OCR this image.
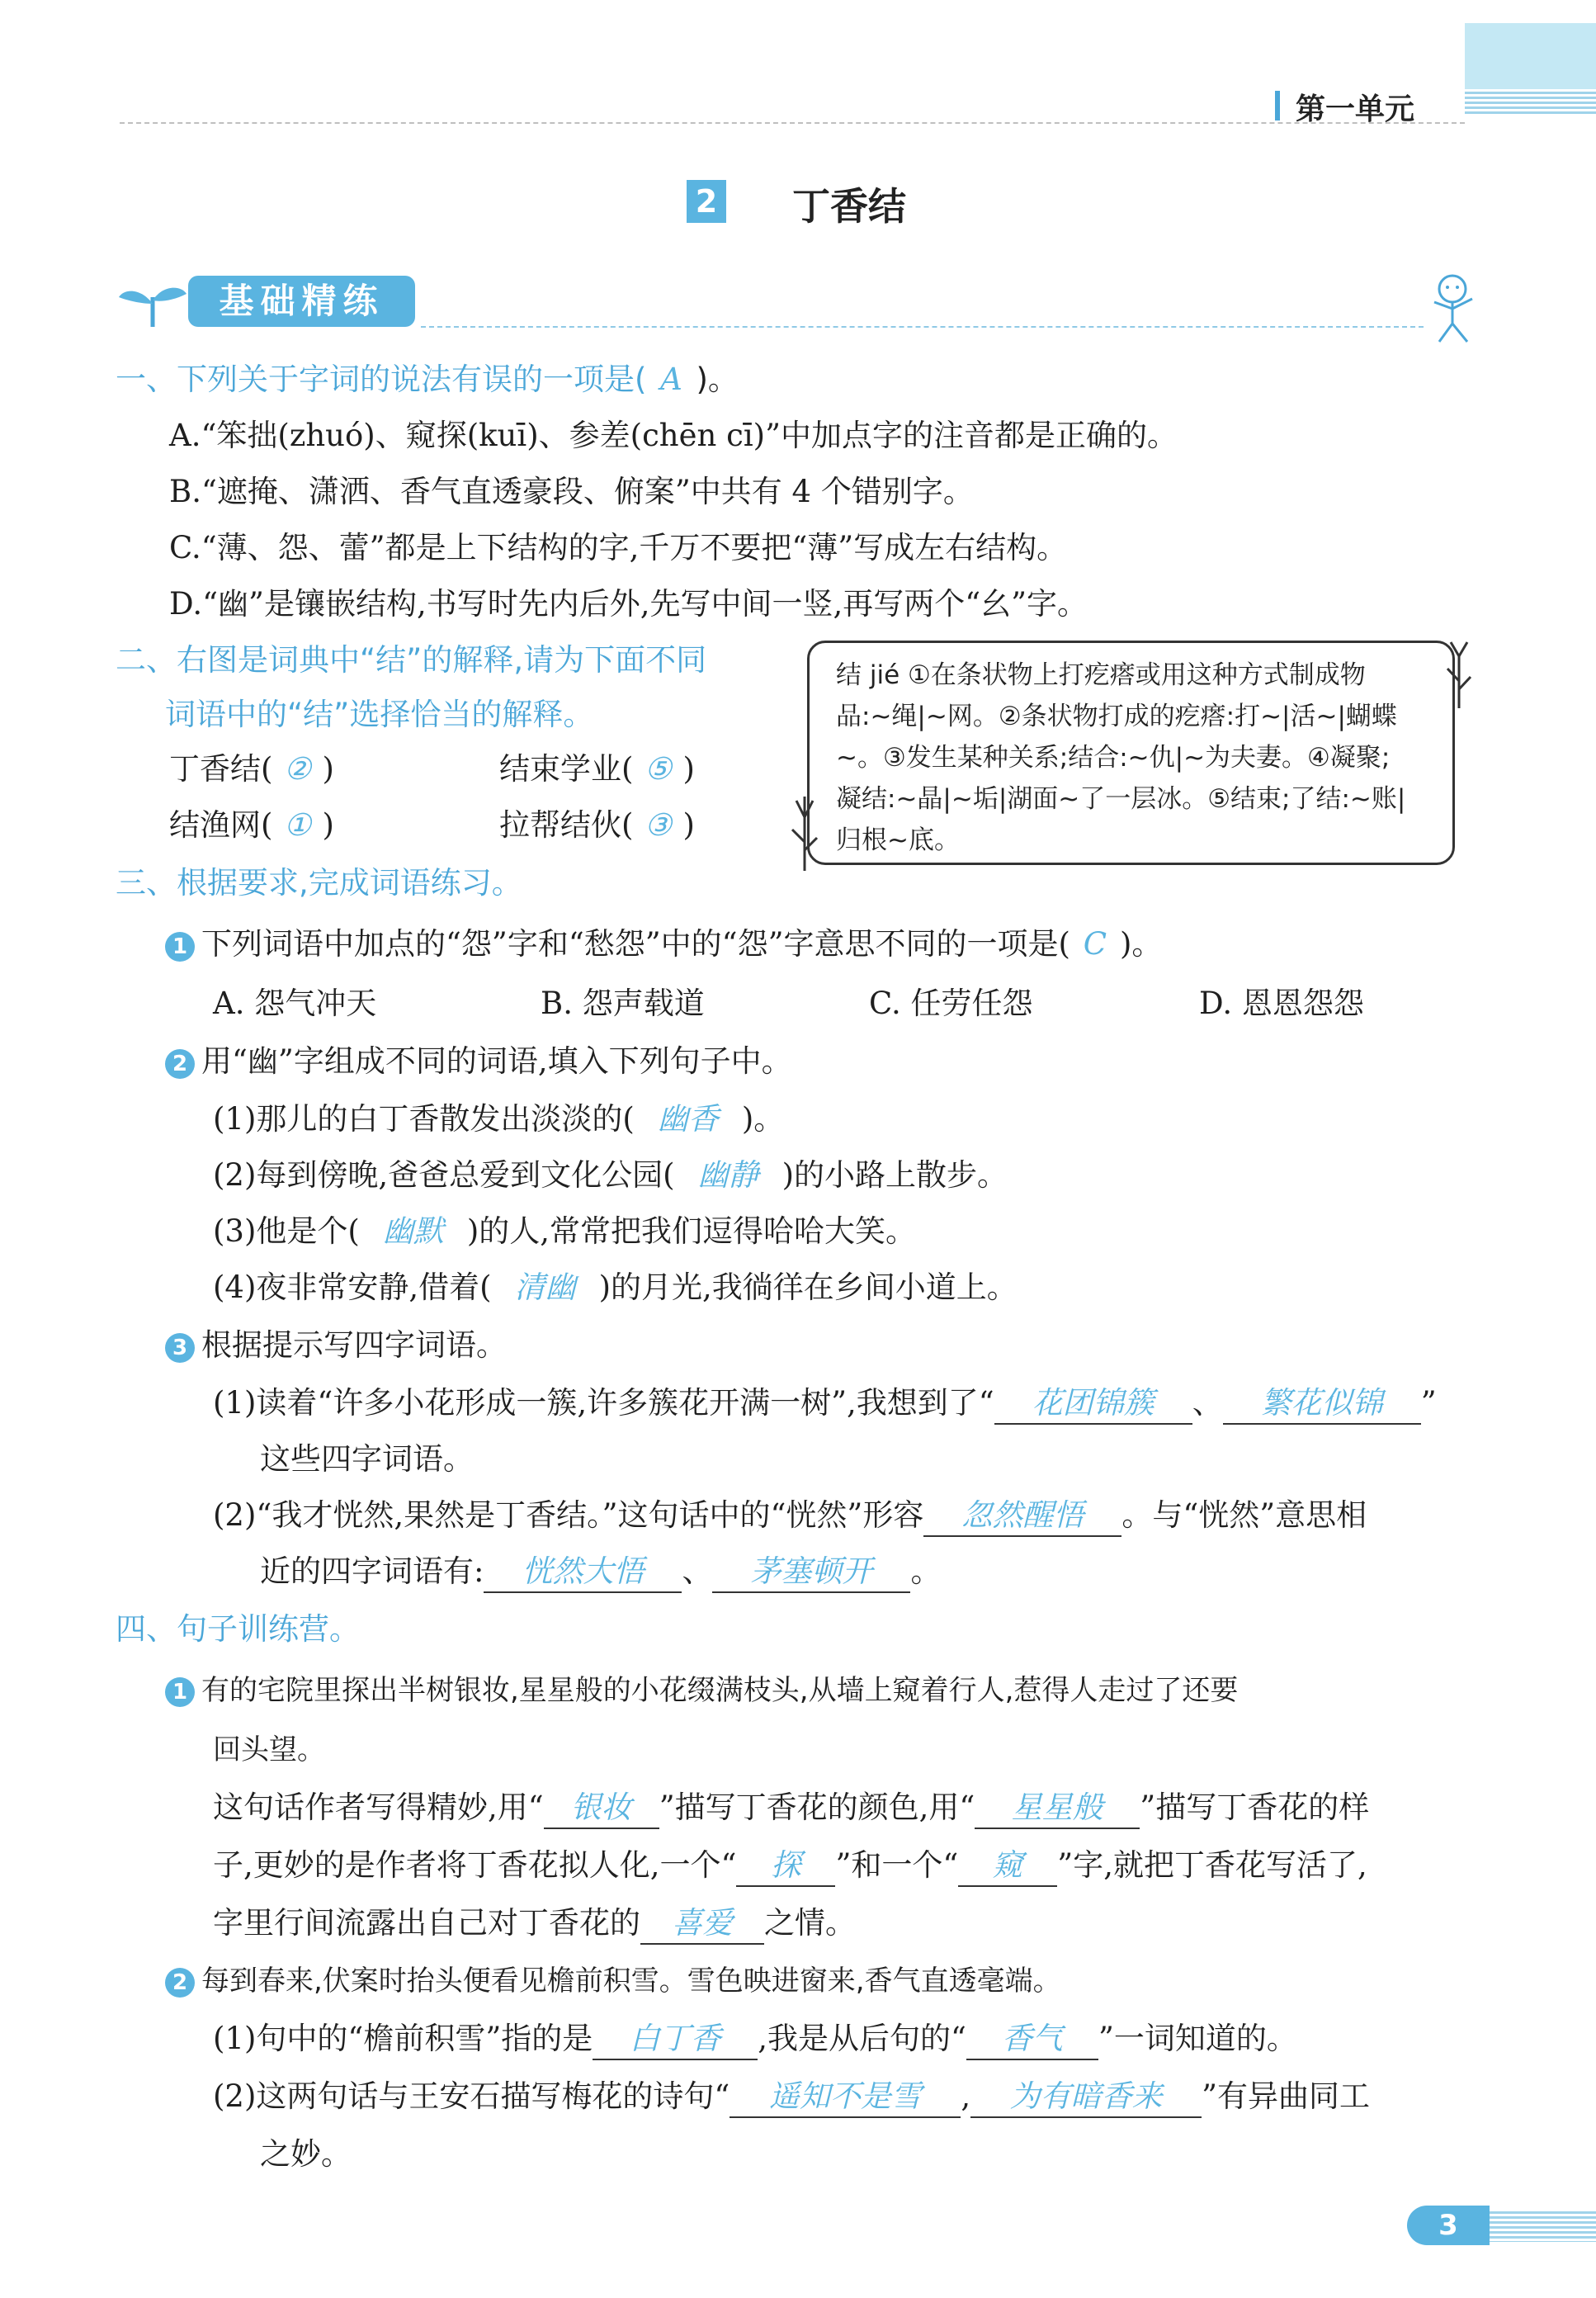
第一单元
2 丁香结
基础精练
一、下列关于字词的说法有误的一项是( A )。
A.“笨拙(zhuó)、窥探(kuī)、参差(chēn cī)”中加点字的注音都是正确的。
B.“遮掩、潇洒、香气直透豪段、俯案”中共有 4 个错别字。
C.“薄、怨、蕾”都是上下结构的字,千万不要把“薄”写成左右结构。
D.“幽”是镶嵌结构,书写时先内后外,先写中间一竖,再写两个“幺”字。
二、右图是词典中“结”的解释,请为下面不同
词语中的“结”选择恰当的解释。
丁香结( ② )	结束学业( ⑤ )
结渔网( ① )	拉帮结伙( ③ )
结 jié ①在条状物上打疙瘩或用这种方式制成物
品:~绳|~网。②条状物打成的疙瘩:打~|活~|蝴蝶
~。③发生某种关系;结合:~仇|~为夫妻。④凝聚;
凝结:~晶|~垢|湖面~了一层冰。⑤结束;了结:~账|
归根~底。
三、根据要求,完成词语练习。
1 下列词语中加点的“怨”字和“愁怨”中的“怨”字意思不同的一项是( C )。
A. 怨气冲天	B. 怨声载道	C. 任劳任怨	D. 恩恩怨怨
2 用“幽”字组成不同的词语,填入下列句子中。
(1)那儿的白丁香散发出淡淡的( 幽香 )。
(2)每到傍晚,爸爸总爱到文化公园( 幽静 )的小路上散步。
(3)他是个( 幽默 )的人,常常把我们逗得哈哈大笑。
(4)夜非常安静,借着( 清幽 )的月光,我徜徉在乡间小道上。
3 根据提示写四字词语。
(1)读着“许多小花形成一簇,许多簇花开满一树”,我想到了“ 花团锦簇 、 繁花似锦 ”
这些四字词语。
(2)“我才恍然,果然是丁香结。”这句话中的“恍然”形容 忽然醒悟 。与“恍然”意思相
近的四字词语有: 恍然大悟 、 茅塞顿开 。
四、句子训练营。
1 有的宅院里探出半树银妆,星星般的小花缀满枝头,从墙上窥着行人,惹得人走过了还要
回头望。
这句话作者写得精妙,用“ 银妆 ”描写丁香花的颜色,用“ 星星般 ”描写丁香花的样
子,更妙的是作者将丁香花拟人化,一个“ 探 ”和一个“ 窥 ”字,就把丁香花写活了,
字里行间流露出自己对丁香花的 喜爱 之情。
2 每到春来,伏案时抬头便看见檐前积雪。雪色映进窗来,香气直透毫端。
(1)句中的“檐前积雪”指的是 白丁香 ,我是从后句的“ 香气 ”一词知道的。
(2)这两句话与王安石描写梅花的诗句“ 遥知不是雪 , 为有暗香来 ”有异曲同工
之妙。
3
